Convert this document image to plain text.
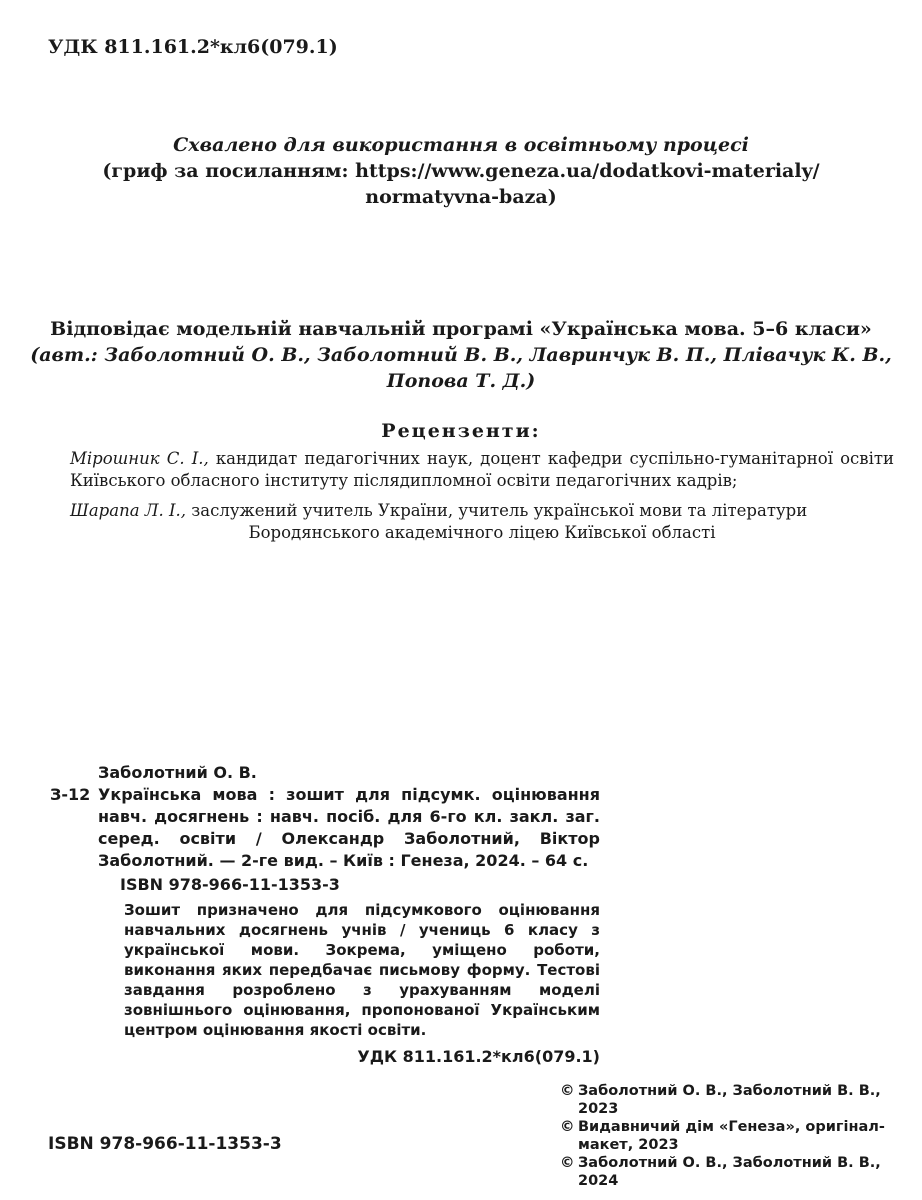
УДК 811.161.2*кл6(079.1)
Схвалено для використання в освітньому процесі
(гриф за посиланням: https://www.geneza.ua/dodatkovi-materialy/
normatyvna-baza)
Відповідає модельній навчальній програмі «Українська мова. 5–6 класи»
(авт.: Заболотний О. В., Заболотний В. В., Лавринчук В. П., Плівачук К. В.,
Попова Т. Д.)
Рецензенти:
Мірошник С. І., кандидат педагогічних наук, доцент кафедри суспільно-гуманітарної освіти Київського обласного інституту післядипломної освіти педагогічних кадрів;
Шарапа Л. І., заслужений учитель України, учитель української мови та літератури
Бородянського академічного ліцею Київської області
Заболотний О. В.
З-12 Українська мова : зошит для підсумк. оцінювання навч. досягнень : навч. посіб. для 6-го кл. закл. заг. серед. освіти / Олександр Заболотний, Віктор Заболотний. — 2-ге вид. – Київ : Генеза, 2024. – 64 с.
ISBN 978-966-11-1353-3
Зошит призначено для підсумкового оцінювання навчальних досягнень учнів / учениць 6 класу з української мови. Зокрема, уміщено роботи, виконання яких передбачає письмову форму. Тестові завдання розроблено з урахуванням моделі зовнішнього оцінювання, пропонованої Українським центром оцінювання якості освіти.
УДК 811.161.2*кл6(079.1)
© Заболотний О. В., Заболотний В. В., 2023
© Видавничий дім «Генеза», оригінал-макет, 2023
© Заболотний О. В., Заболотний В. В., 2024
ISBN 978-966-11-1353-3
